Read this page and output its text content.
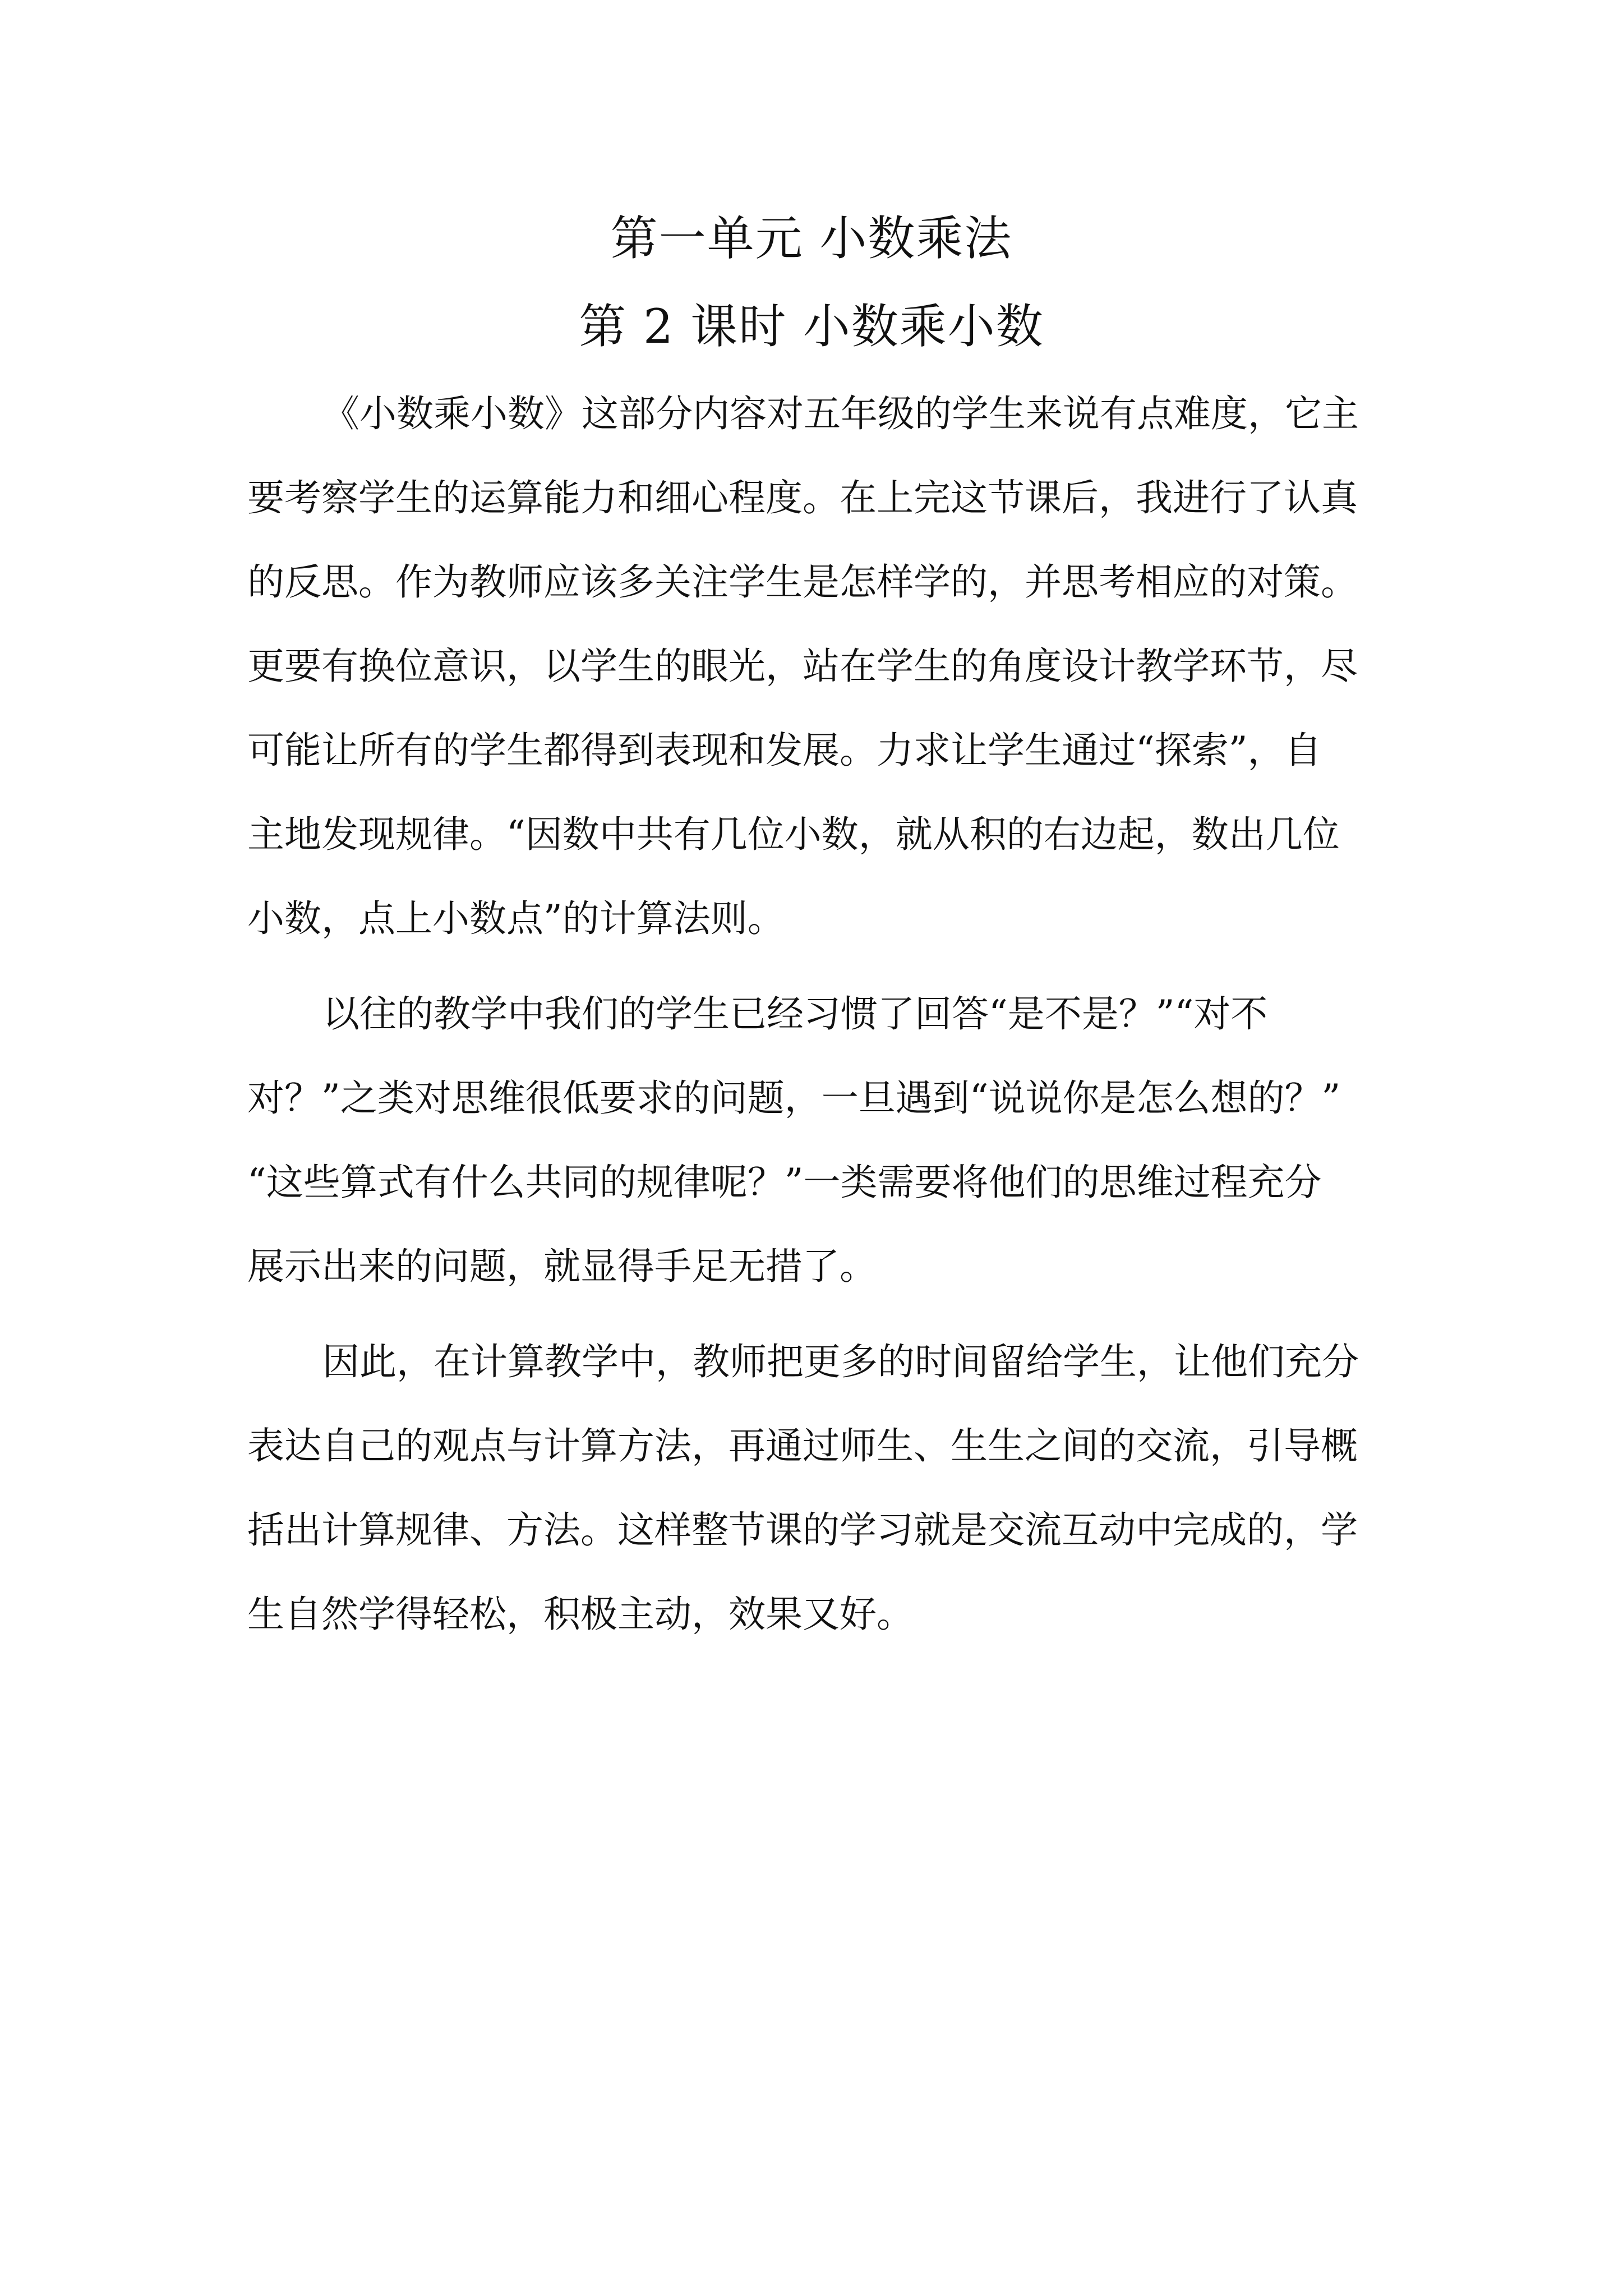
第一单元 小数乘法
第 2 课时 小数乘小数
《小数乘小数》这部分内容对五年级的学生来说有点难度，它主
要考察学生的运算能力和细心程度。在上完这节课后，我进行了认真
的反思。作为教师应该多关注学生是怎样学的，并思考相应的对策。
更要有换位意识，以学生的眼光，站在学生的角度设计教学环节，尽
可能让所有的学生都得到表现和发展。力求让学生通过“探索”，自
主地发现规律。“因数中共有几位小数，就从积的右边起，数出几位
小数，点上小数点”的计算法则。
以往的教学中我们的学生已经习惯了回答“是不是？”“对不
对？”之类对思维很低要求的问题，一旦遇到“说说你是怎么想的？”
“这些算式有什么共同的规律呢？”一类需要将他们的思维过程充分
展示出来的问题，就显得手足无措了。
因此，在计算教学中，教师把更多的时间留给学生，让他们充分
表达自己的观点与计算方法，再通过师生、生生之间的交流，引导概
括出计算规律、方法。这样整节课的学习就是交流互动中完成的，学
生自然学得轻松，积极主动，效果又好。
